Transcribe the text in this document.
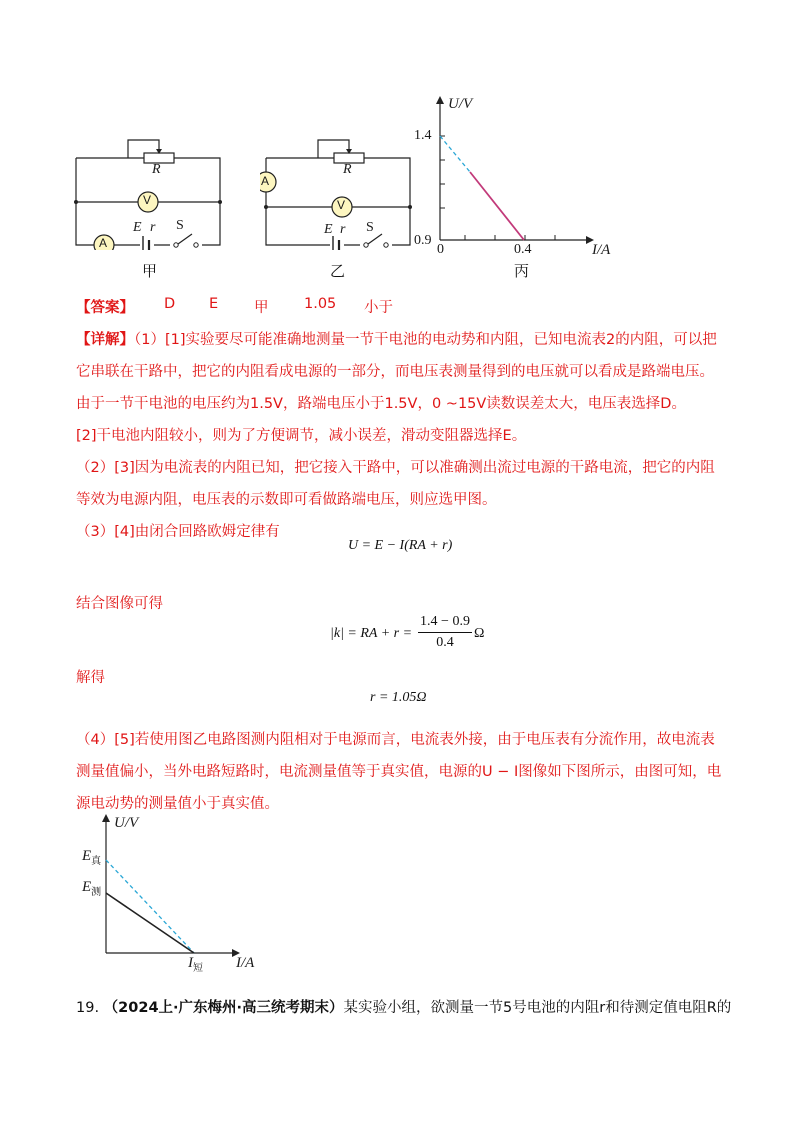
R
V
A
E r S
甲
R
V
A
E r S
乙
U/V
1.4
0.9
0	0.4	I/A
丙
【答案】 D E 甲 1.05 小于
【详解】（1）[1]实验要尽可能准确地测量一节干电池的电动势和内阻，已知电流表2的内阻，可以把它串联在干路中，把它的内阻看成电源的一部分，而电压表测量得到的电压就可以看成是路端电压。由于一节干电池的电压约为1.5V，路端电压小于1.5V，0 ~15V读数误差太大，电压表选择D。
[2]干电池内阻较小，则为了方便调节，减小误差，滑动变阻器选择E。
（2）[3]因为电流表的内阻已知，把它接入干路中，可以准确测出流过电源的干路电流，把它的内阻等效为电源内阻，电压表的示数即可看做路端电压，则应选甲图。
（3）[4]由闭合回路欧姆定律有
U = E − I(RA + r)
结合图像可得
|k| = RA + $r = \frac{1.4 - 0.9}{0.4}$ Ω
解得
r = 1.05Ω
（4）[5]若使用图乙电路图测内阻相对于电源而言，电流表外接，由于电压表有分流作用，故电流表测量值偏小，当外电路短路时，电流测量值等于真实值，电源的U − I图像如下图所示，由图可知，电源电动势的测量值小于真实值。
U/V
$E_真$
$E_测$
$I_短$ I/A
19. （2024上·广东梅州·高三统考期末）某实验小组，欲测量一节5号电池的内阻r和待测定值电阻R的
